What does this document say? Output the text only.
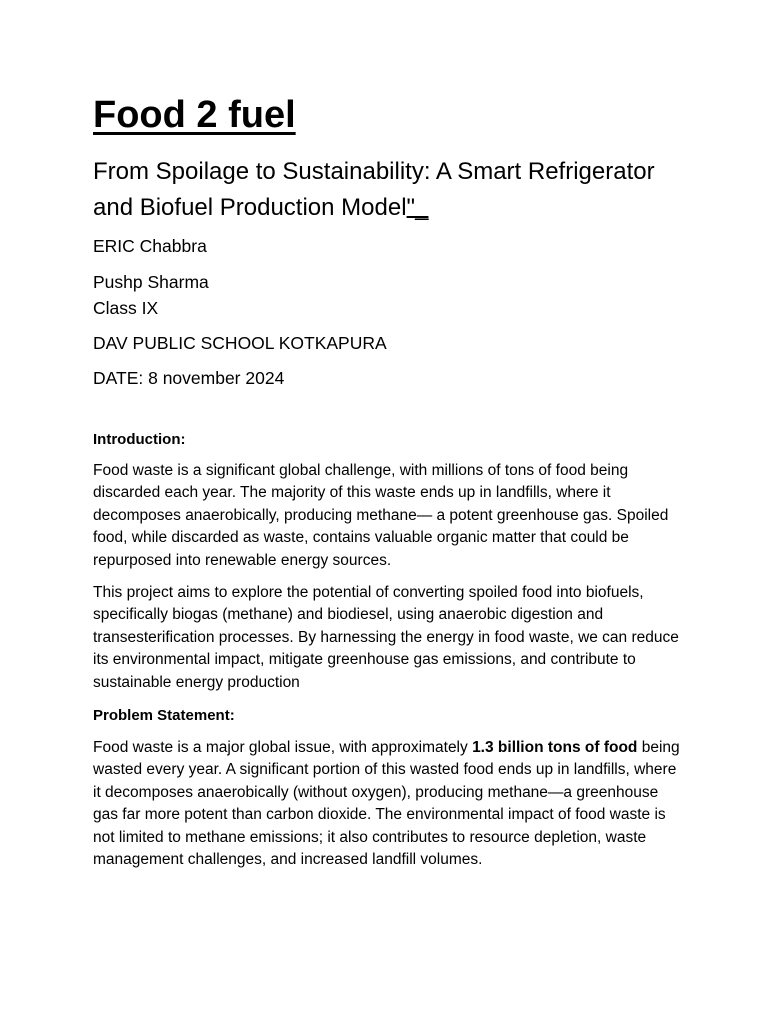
Food 2 fuel
From Spoilage to Sustainability: A Smart Refrigerator and Biofuel Production Model"_

ERIC Chabbra

Pushp Sharma

Class IX

DAV PUBLIC SCHOOL KOTKAPURA

DATE: 8 november 2024

Introduction:

Food waste is a significant global challenge, with millions of tons of food being discarded each year. The majority of this waste ends up in landfills, where it decomposes anaerobically, producing methane— a potent greenhouse gas. Spoiled food, while discarded as waste, contains valuable organic matter that could be repurposed into renewable energy sources.

This project aims to explore the potential of converting spoiled food into biofuels, specifically biogas (methane) and biodiesel, using anaerobic digestion and transesterification processes. By harnessing the energy in food waste, we can reduce its environmental impact, mitigate greenhouse gas emissions, and contribute to sustainable energy production

Problem Statement:

Food waste is a major global issue, with approximately 1.3 billion tons of food being wasted every year. A significant portion of this wasted food ends up in landfills, where it decomposes anaerobically (without oxygen), producing methane—a greenhouse gas far more potent than carbon dioxide. The environmental impact of food waste is not limited to methane emissions; it also contributes to resource depletion, waste management challenges, and increased landfill volumes.
